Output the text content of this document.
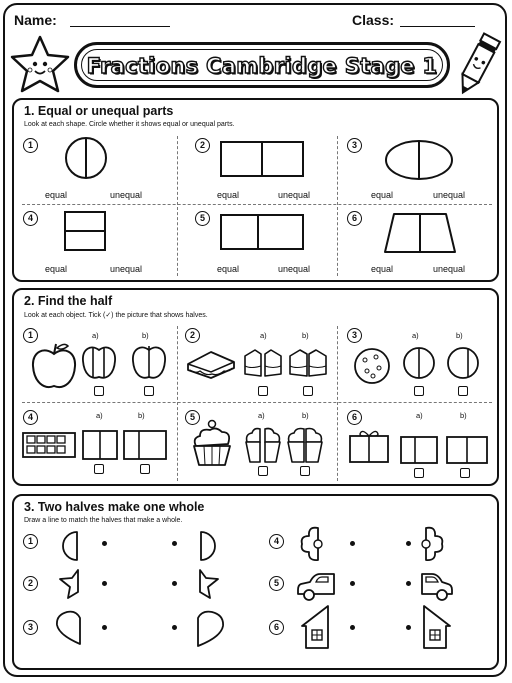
Name:	Class:
Fractions Cambridge Stage 1
1. Equal or unequal parts
Look at each shape. Circle whether it shows equal or unequal parts.
1
equal	unequal
2
equal	unequal
3
equal	unequal
4
equal	unequal
5
equal	unequal
6
equal	unequal
2. Find the half
Look at each object. Tick (✓) the picture that shows halves.
1	a)	b)	2	a)	b)	3	a)	b)
4	a)	b)	5	a)	b)	6	a)	b)
3. Two halves make one whole
Draw a line to match the halves that make a whole.
1	4
2	5
3	6
